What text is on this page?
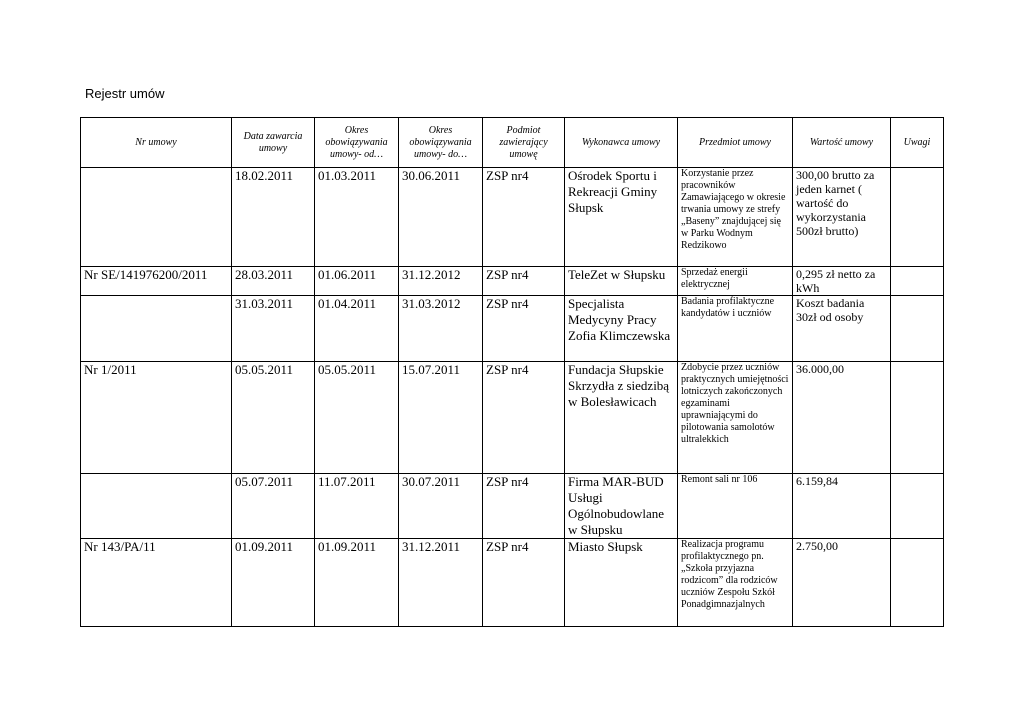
Rejestr umów
Nr umowy	Data zawarcia umowy	Okres obowiązywania umowy- od…	Okres obowiązywania umowy- do…	Podmiot zawierający umowę	Wykonawca umowy	Przedmiot umowy	Wartość umowy	Uwagi
	18.02.2011	01.03.2011	30.06.2011	ZSP nr4	Ośrodek Sportu i Rekreacji Gminy Słupsk	Korzystanie przez pracowników Zamawiającego w okresie trwania umowy ze strefy „Baseny” znajdującej się w Parku Wodnym Redzikowo	300,00 brutto za jeden karnet ( wartość do wykorzystania 500zł brutto)	
Nr SE/141976200/2011	28.03.2011	01.06.2011	31.12.2012	ZSP nr4	TeleZet w Słupsku	Sprzedaż energii elektrycznej	0,295 zł netto za kWh	
	31.03.2011	01.04.2011	31.03.2012	ZSP nr4	Specjalista Medycyny Pracy Zofia Klimczewska	Badania profilaktyczne kandydatów i uczniów	Koszt badania 30zł od osoby	
Nr 1/2011	05.05.2011	05.05.2011	15.07.2011	ZSP nr4	Fundacja Słupskie Skrzydła z siedzibą w Bolesławicach	Zdobycie przez uczniów praktycznych umiejętności lotniczych zakończonych egzaminami uprawniającymi do pilotowania samolotów ultralekkich	36.000,00	
	05.07.2011	11.07.2011	30.07.2011	ZSP nr4	Firma MAR-BUD Usługi Ogólnobudowlane w Słupsku	Remont sali nr 106	6.159,84	
Nr 143/PA/11	01.09.2011	01.09.2011	31.12.2011	ZSP nr4	Miasto Słupsk	Realizacja programu profilaktycznego pn. „Szkoła przyjazna rodzicom” dla rodziców uczniów Zespołu Szkół Ponadgimnazjalnych	2.750,00	
